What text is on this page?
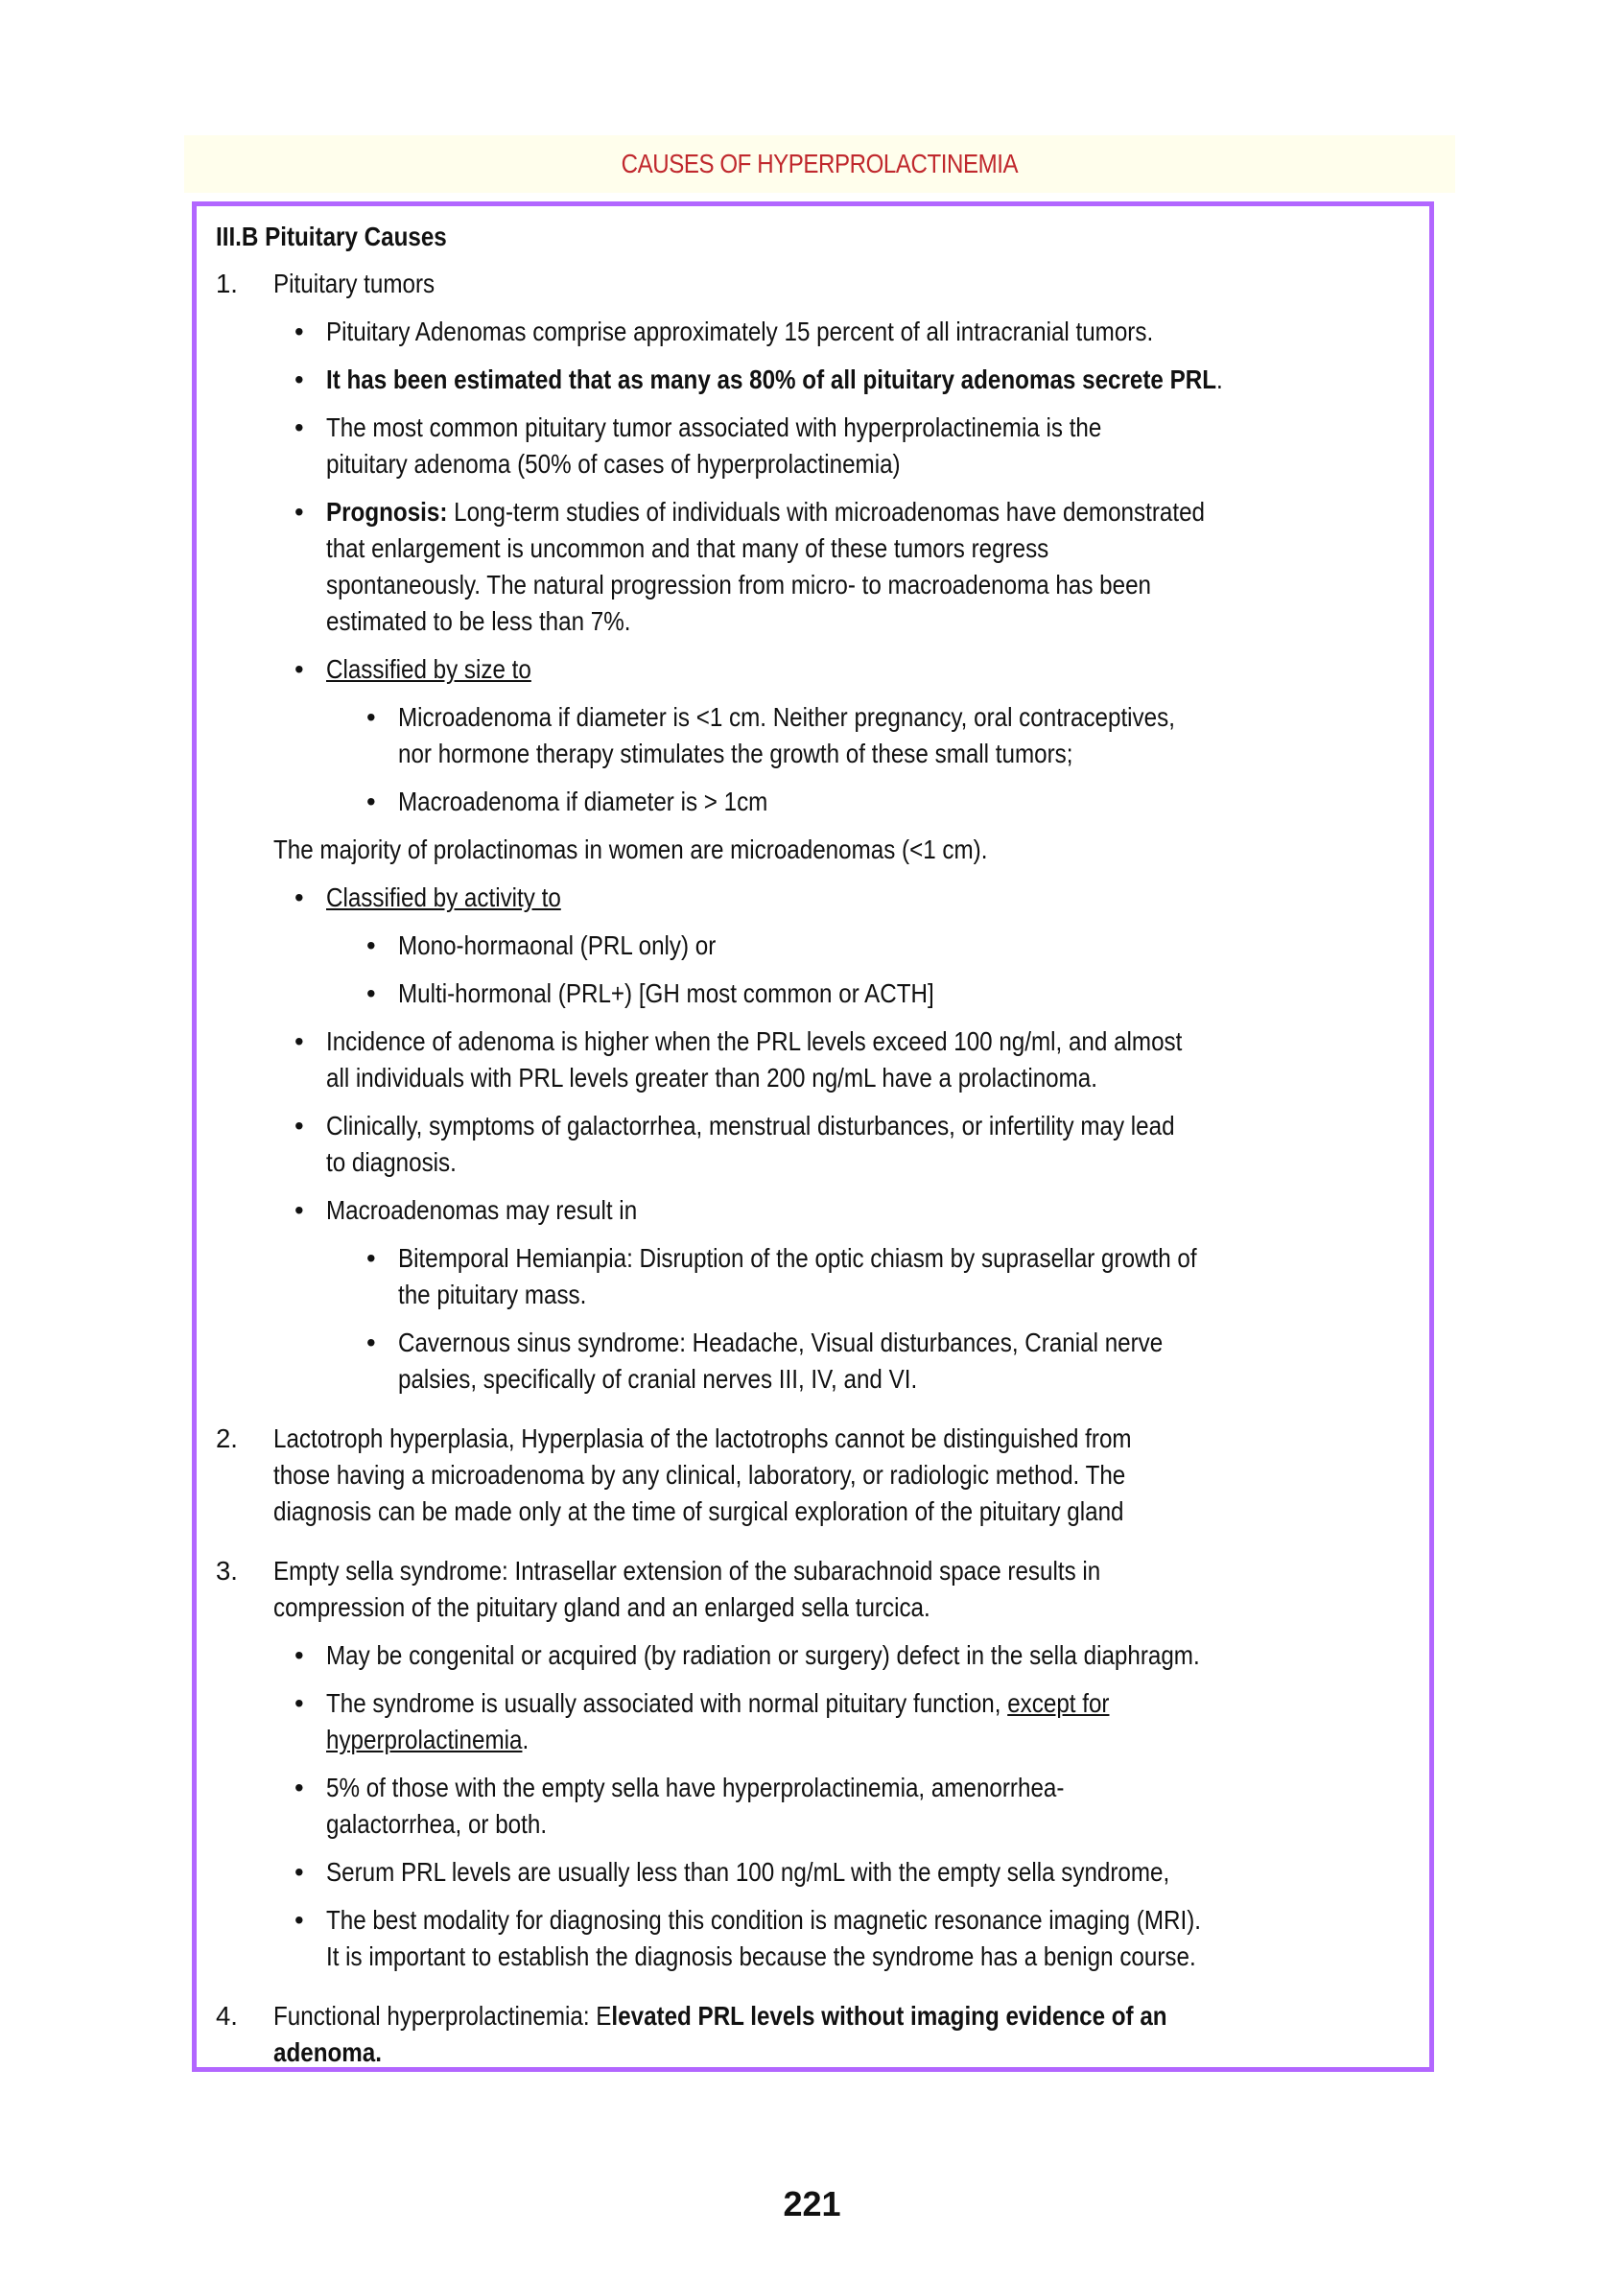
CAUSES OF HYPERPROLACTINEMIA
III.B Pituitary Causes
1. Pituitary tumors
• Pituitary Adenomas comprise approximately 15 percent of all intracranial tumors.
• It has been estimated that as many as 80% of all pituitary adenomas secrete PRL.
• The most common pituitary tumor associated with hyperprolactinemia is the
pituitary adenoma (50% of cases of hyperprolactinemia)
• Prognosis: Long-term studies of individuals with microadenomas have demonstrated
that enlargement is uncommon and that many of these tumors regress
spontaneously. The natural progression from micro- to macroadenoma has been
estimated to be less than 7%.
• Classified by size to
• Microadenoma if diameter is <1 cm. Neither pregnancy, oral contraceptives,
nor hormone therapy stimulates the growth of these small tumors;
• Macroadenoma if diameter is > 1cm
The majority of prolactinomas in women are microadenomas (<1 cm).
• Classified by activity to
• Mono-hormaonal (PRL only) or
• Multi-hormonal (PRL+) [GH most common or ACTH]
• Incidence of adenoma is higher when the PRL levels exceed 100 ng/ml, and almost
all individuals with PRL levels greater than 200 ng/mL have a prolactinoma.
• Clinically, symptoms of galactorrhea, menstrual disturbances, or infertility may lead
to diagnosis.
• Macroadenomas may result in
• Bitemporal Hemianpia: Disruption of the optic chiasm by suprasellar growth of
the pituitary mass.
• Cavernous sinus syndrome: Headache, Visual disturbances, Cranial nerve
palsies, specifically of cranial nerves III, IV, and VI.
2. Lactotroph hyperplasia, Hyperplasia of the lactotrophs cannot be distinguished from
those having a microadenoma by any clinical, laboratory, or radiologic method. The
diagnosis can be made only at the time of surgical exploration of the pituitary gland
3. Empty sella syndrome: Intrasellar extension of the subarachnoid space results in
compression of the pituitary gland and an enlarged sella turcica.
• May be congenital or acquired (by radiation or surgery) defect in the sella diaphragm.
• The syndrome is usually associated with normal pituitary function, except for
hyperprolactinemia.
• 5% of those with the empty sella have hyperprolactinemia, amenorrhea-
galactorrhea, or both.
• Serum PRL levels are usually less than 100 ng/mL with the empty sella syndrome,
• The best modality for diagnosing this condition is magnetic resonance imaging (MRI).
It is important to establish the diagnosis because the syndrome has a benign course.
4. Functional hyperprolactinemia: Elevated PRL levels without imaging evidence of an
adenoma.
221
